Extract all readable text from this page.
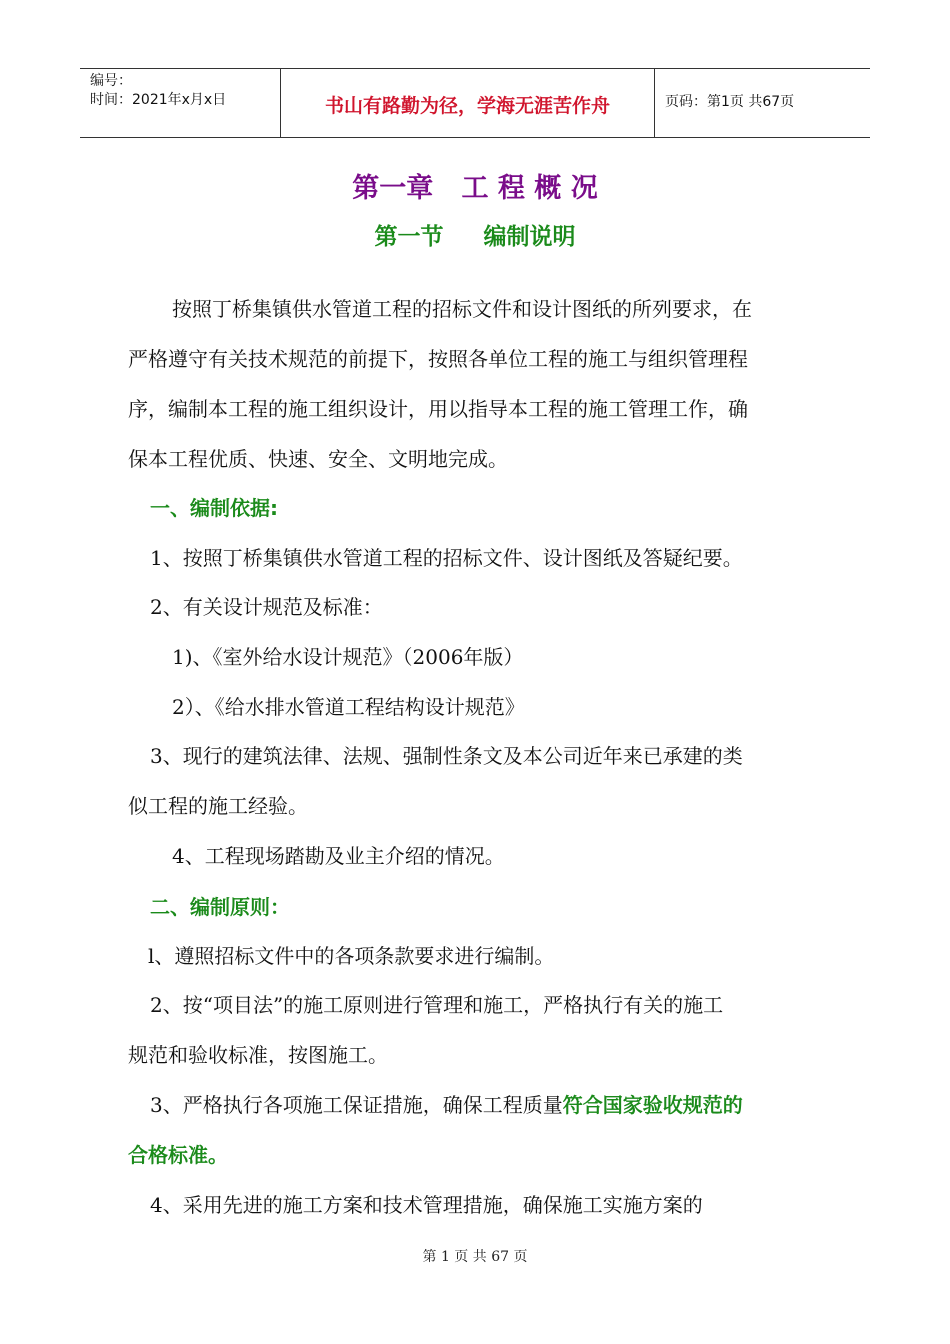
编号：
时间：2021年x月x日	书山有路勤为径，学海无涯苦作舟	页码：第1页 共67页
第一章   工 程 概 况
第一节     编制说明
按照丁桥集镇供水管道工程的招标文件和设计图纸的所列要求，在
严格遵守有关技术规范的前提下，按照各单位工程的施工与组织管理程
序，编制本工程的施工组织设计，用以指导本工程的施工管理工作，确
保本工程优质、快速、安全、文明地完成。
一、编制依据:
1、按照丁桥集镇供水管道工程的招标文件、设计图纸及答疑纪要。
2、有关设计规范及标准：
1)、《室外给水设计规范》（2006年版）
2）、《给水排水管道工程结构设计规范》
3、现行的建筑法律、法规、强制性条文及本公司近年来已承建的类
似工程的施工经验。
4、工程现场踏勘及业主介绍的情况。
二、编制原则：
l、遵照招标文件中的各项条款要求进行编制。
2、按“项目法”的施工原则进行管理和施工，严格执行有关的施工
规范和验收标准，按图施工。
3、严格执行各项施工保证措施，确保工程质量符合国家验收规范的
合格标准。
4、采用先进的施工方案和技术管理措施，确保施工实施方案的
第 1 页 共 67 页
